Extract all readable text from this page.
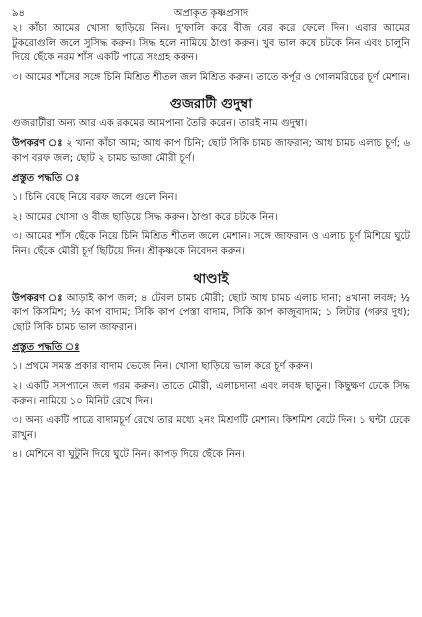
৯৪	অপ্রাকৃত কৃষ্ণপ্রসাদ

২। কাঁচা আমের খোসা ছাড়িয়ে নিন। দু'ফালি করে বীজ বের করে ফেলে দিন। এবার আমের টুকরোগুলি জলে সুসিদ্ধ করুন। সিদ্ধ হলে নামিয়ে ঠাণ্ডা করুন। খুব ভাল কষে চটকে নিন এবং চালুনি দিয়ে ছেঁকে নরম শাঁস একটি পাত্রে সংগ্রহ করুন।

৩। আমের শাঁসের সঙ্গে চিনি মিশ্রিত শীতল জল মিশ্রিত করুন। তাতে কর্পূর ও গোলমরিচের চূর্ণ মেশান।

গুজরাটী গুদুম্বা

গুজরাটীরা অন্য আর এক রকমের আমপানা তৈরি করেন। তারই নাম গুদুম্বা।

উপকরণ ঃ ২ খানা কাঁচা আম; আধ কাপ চিনি; ছোট সিকি চামচ জাফরান; আধ চামচ এলাচ চূর্ণ; ৬ কাপ বরফ জল; ছোট ২ চামচ ভাজা মৌরী চূর্ণ।

প্রস্তুত পদ্ধতি ঃ

১। চিনি বেছে নিয়ে বরফ জলে গুলে নিন।

২। আমের খোসা ও বীজ ছাড়িয়ে সিদ্ধ করুন। ঠাণ্ডা করে চটকে নিন।

৩। আমের শাঁস ছেঁকে নিয়ে চিনি মিশ্রিত শীতল জলে মেশান। সঙ্গে জাফরান ও এলাচ চূর্ণ মিশিয়ে ঘুটে নিন। ছেঁকে মৌরী চূর্ণ ছিটিয়ে দিন। শ্রীকৃষ্ণকে নিবেদন করুন।

থাণ্ডাই

উপকরণ ঃ আড়াই কাপ জল; ৪ টেবল চামচ মৌরী; ছোট আধ চামচ এলাচ দানা; ৪খানা লবঙ্গ; ½ কাপ কিসমিশ; ½ কাপ বাদাম; সিকি কাপ পেস্তা বাদাম, সিকি কাপ কাজুবাদাম; ১ লিটার (গরুর দুধ); ছোট সিকি চামচ ভাল জাফরান।

প্রস্তুত পদ্ধতি ঃ

১। প্রথমে সমস্ত প্রকার বাদাম ভেজে নিন। খোসা ছাড়িয়ে ভাল করে চূর্ণ করুন।

২। একটি সসপ্যানে জল গরম করুন। তাতে মৌরী, এলাচদানা এবং লবঙ্গ ছাড়ুন। কিছুক্ষণ ঢেকে সিদ্ধ করুন। নামিয়ে ১০ মিনিট রেখে দিন।

৩। অন্য একটি পাত্রে বাদামচূর্ণ রেখে তার মধ্যে ২নং মিশ্রণটি মেশান। কিশমিশ বেটে দিন। ১ ঘন্টা ঢেকে রাখুন।

৪। মেশিনে বা ঘুটুনি দিয়ে ঘুটে নিন। কাপড় দিয়ে ছেঁকে নিন।
